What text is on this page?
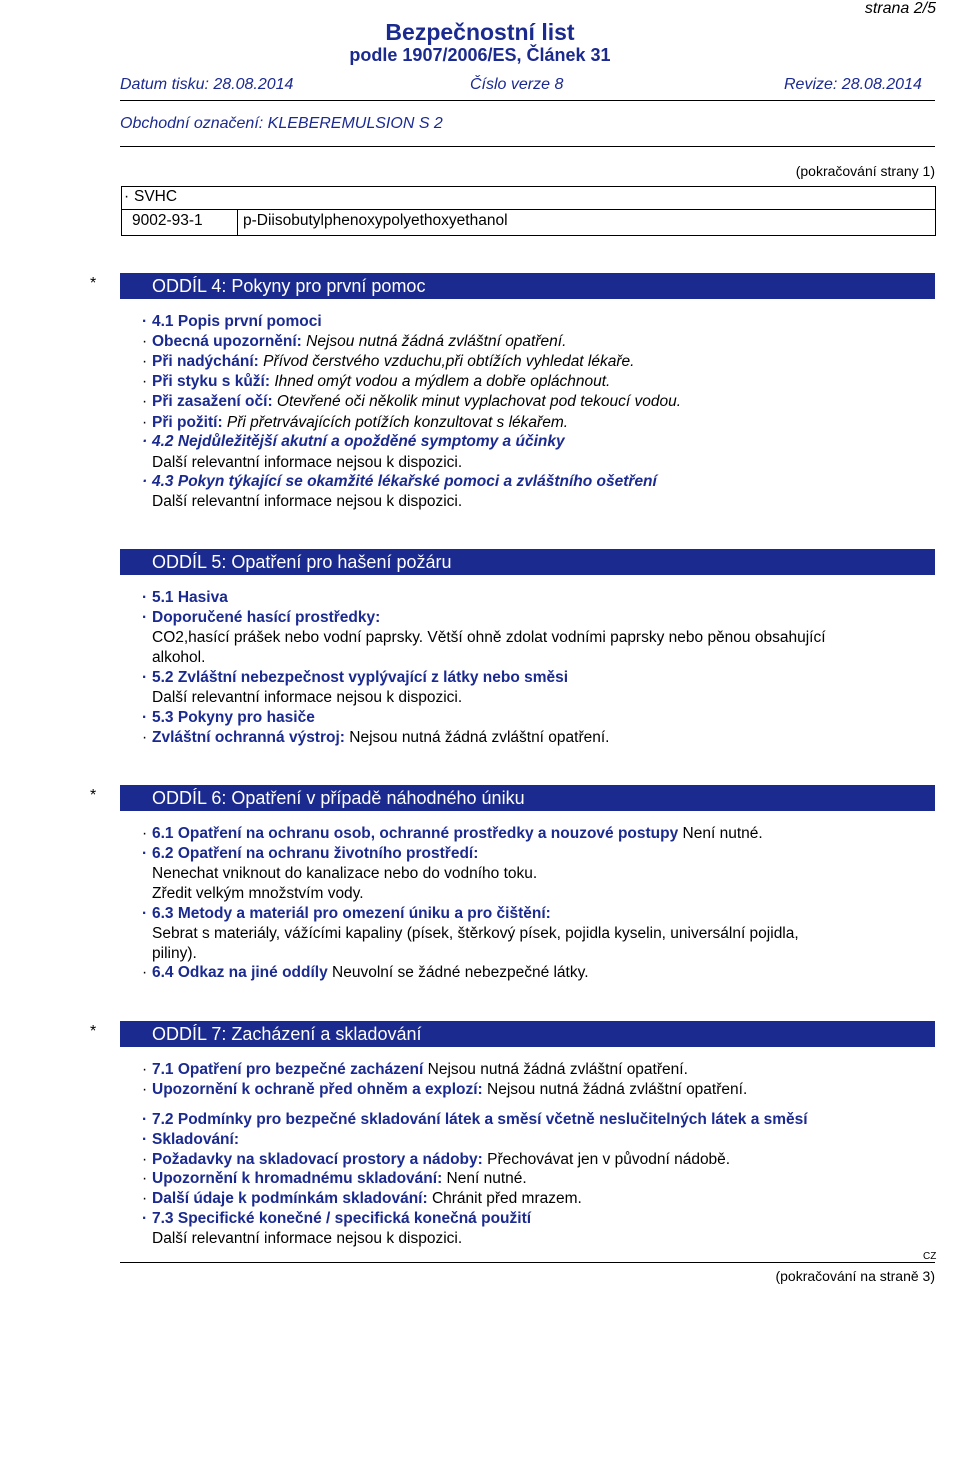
strana 2/5
Bezpečnostní list
podle 1907/2006/ES, Článek 31
Datum tisku: 28.08.2014	Číslo verze 8	Revize: 28.08.2014
Obchodní označení: KLEBEREMULSION S 2
(pokračování strany 1)
· SVHC
9002-93-1	p-Diisobutylphenoxypolyethoxyethanol
*	ODDÍL 4: Pokyny pro první pomoc
· 4.1 Popis první pomoci
· Obecná upozornění: Nejsou nutná žádná zvláštní opatření.
· Při nadýchání: Přívod čerstvého vzduchu,při obtížích vyhledat lékaře.
· Při styku s kůží: Ihned omýt vodou a mýdlem a dobře opláchnout.
· Při zasažení očí: Otevřené oči několik minut vyplachovat pod tekoucí vodou.
· Při požití: Při přetrvávajících potížích konzultovat s lékařem.
· 4.2 Nejdůležitější akutní a opožděné symptomy a účinky
Další relevantní informace nejsou k dispozici.
· 4.3 Pokyn týkající se okamžité lékařské pomoci a zvláštního ošetření
Další relevantní informace nejsou k dispozici.
ODDÍL 5: Opatření pro hašení požáru
· 5.1 Hasiva
· Doporučené hasící prostředky:
CO2,hasící prášek nebo vodní paprsky. Větší ohně zdolat vodními paprsky nebo pěnou obsahující
alkohol.
· 5.2 Zvláštní nebezpečnost vyplývající z látky nebo směsi
Další relevantní informace nejsou k dispozici.
· 5.3 Pokyny pro hasiče
· Zvláštní ochranná výstroj: Nejsou nutná žádná zvláštní opatření.
*	ODDÍL 6: Opatření v případě náhodného úniku
· 6.1 Opatření na ochranu osob, ochranné prostředky a nouzové postupy Není nutné.
· 6.2 Opatření na ochranu životního prostředí:
Nenechat vniknout do kanalizace nebo do vodního toku.
Zředit velkým množstvím vody.
· 6.3 Metody a materiál pro omezení úniku a pro čištění:
Sebrat s materiály, vážícími kapaliny (písek, štěrkový písek, pojidla kyselin, universální pojidla,
piliny).
· 6.4 Odkaz na jiné oddíly Neuvolní se žádné nebezpečné látky.
*	ODDÍL 7: Zacházení a skladování
· 7.1 Opatření pro bezpečné zacházení Nejsou nutná žádná zvláštní opatření.
· Upozornění k ochraně před ohněm a explozí: Nejsou nutná žádná zvláštní opatření.
· 7.2 Podmínky pro bezpečné skladování látek a směsí včetně neslučitelných látek a směsí
· Skladování:
· Požadavky na skladovací prostory a nádoby: Přechovávat jen v původní nádobě.
· Upozornění k hromadnému skladování: Není nutné.
· Další údaje k podmínkám skladování: Chránit před mrazem.
· 7.3 Specifické konečné / specifická konečná použití
Další relevantní informace nejsou k dispozici.
CZ
(pokračování na straně 3)
